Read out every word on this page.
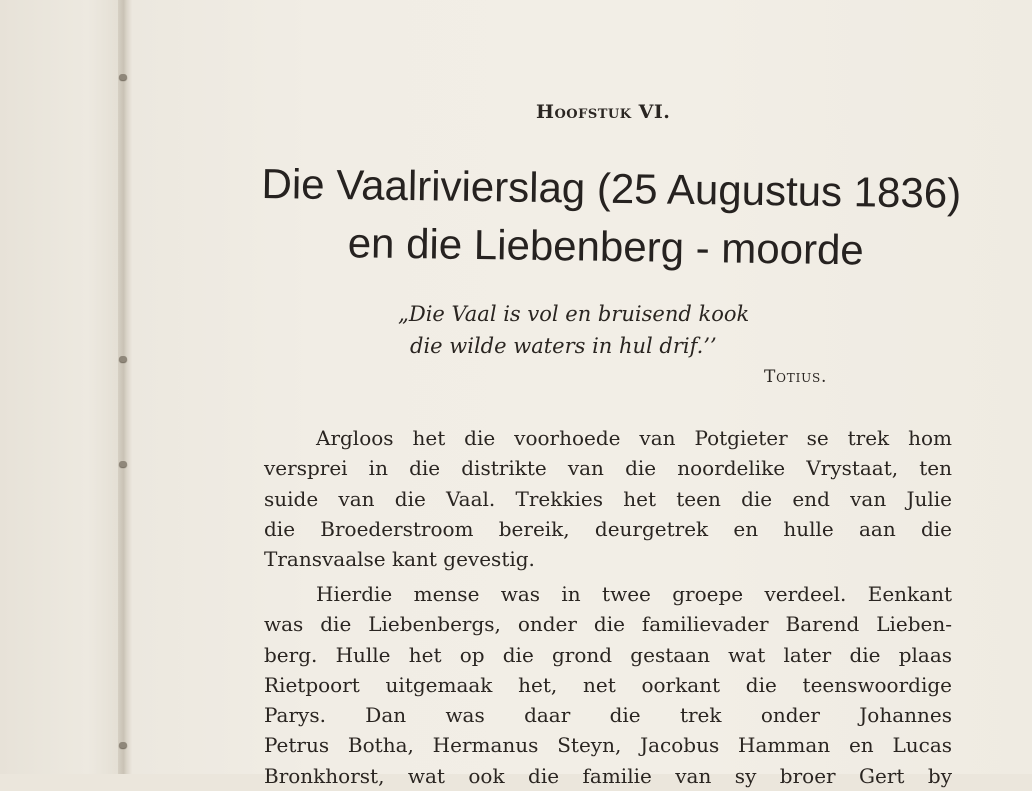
Hoofstuk VI.
Die Vaalrivierslag (25 Augustus 1836)
en die Liebenberg - moorde
„Die Vaal is vol en bruisend kook
die wilde waters in hul drif.’’

Totius.

Argloos het die voorhoede van Potgieter se trek hom
versprei in die distrikte van die noordelike Vrystaat, ten
suide van die Vaal. Trekkies het teen die end van Julie
die Broederstroom bereik, deurgetrek en hulle aan die
Transvaalse kant gevestig.

Hierdie mense was in twee groepe verdeel. Eenkant
was die Liebenbergs, onder die familievader Barend Lieben-
berg. Hulle het op die grond gestaan wat later die plaas
Rietpoort uitgemaak het, net oorkant die teenswoordige
Parys. Dan was daar die trek onder Johannes
Petrus Botha, Hermanus Steyn, Jacobus Hamman en Lucas
Bronkhorst, wat ook die familie van sy broer Gert by
